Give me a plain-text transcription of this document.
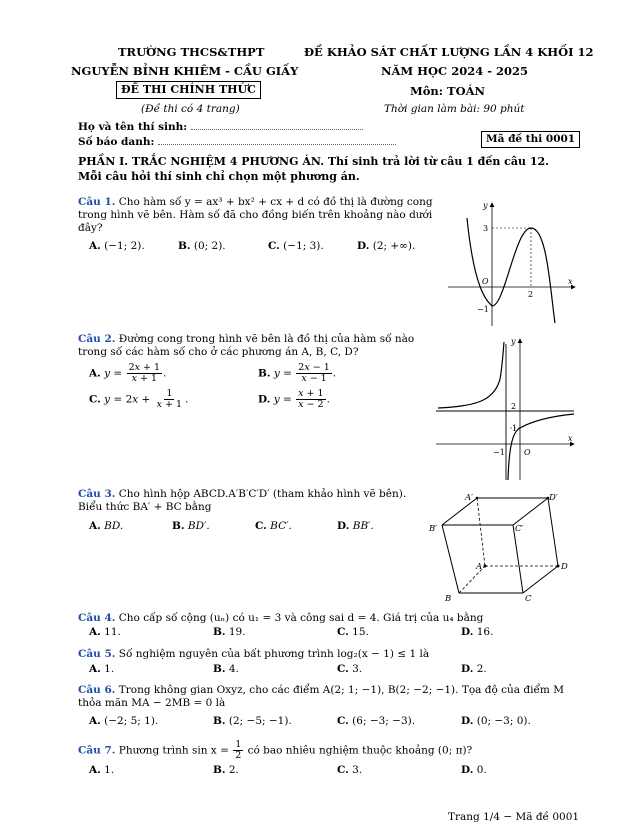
TRƯỜNG THCS&THPT
NGUYỄN BỈNH KHIÊM - CẦU GIẤY
ĐỀ THI CHÍNH THỨC
(Đề thi có 4 trang)
ĐỀ KHẢO SÁT CHẤT LƯỢNG LẦN 4 KHỐI 12
NĂM HỌC 2024 - 2025
Môn: TOÁN
Thời gian làm bài: 90 phút
Họ và tên thí sinh:
Số báo danh:	Mã đề thi 0001
PHẦN I. TRẮC NGHIỆM 4 PHƯƠNG ÁN. Thí sinh trả lời từ câu 1 đến câu 12.
Mỗi câu hỏi thí sinh chỉ chọn một phương án.
Câu 1. Cho hàm số y = ax³ + bx² + cx + d có đồ thị là đường cong
trong hình vẽ bên. Hàm số đã cho đồng biến trên khoảng nào dưới
đây?
A. (−1; 2).	B. (0; 2).	C. (−1; 3).	D. (2; +∞).
y
x
3
O
−1
2
Câu 2. Đường cong trong hình vẽ bên là đồ thị của hàm số nào
trong số các hàm số cho ở các phương án A, B, C, D?
A. $y = \frac{2x + 1}{x + 1}$ .	B. $y = \frac{2x - 1}{x - 1}$ .
C. $y = 2x + \frac{1}{x + 1}$ .	D. $y = \frac{x + 1}{x - 2}$ .
y
x
2
1
−1 O
Câu 3. Cho hình hộp ABCD.A′B′C′D′ (tham khảo hình vẽ bên).
Biểu thức BA′ + BC bằng
A. BD.	B. BD′.	C. BC′.	D. BB′.
A′	D′
B′	C′
A	D
B	C
Câu 4. Cho cấp số cộng (uₙ) có u₁ = 3 và công sai d = 4. Giá trị của u₄ bằng
A. 11.	B. 19.	C. 15.	D. 16.
Câu 5. Số nghiệm nguyên của bất phương trình log₂(x − 1) ≤ 1 là
A. 1.	B. 4.	C. 3.	D. 2.
Câu 6. Trong không gian Oxyz, cho các điểm A(2; 1; −1), B(2; −2; −1). Tọa độ của điểm M
thỏa mãn MA − 2MB = 0 là
A. (−2; 5; 1).	B. (2; −5; −1).	C. (6; −3; −3).	D. (0; −3; 0).
Câu 7. Phương trình $\sin x = \frac{1}{2}$ có bao nhiêu nghiệm thuộc khoảng (0; π)?
A. 1.	B. 2.	C. 3.	D. 0.
Trang 1/4 − Mã đề 0001
